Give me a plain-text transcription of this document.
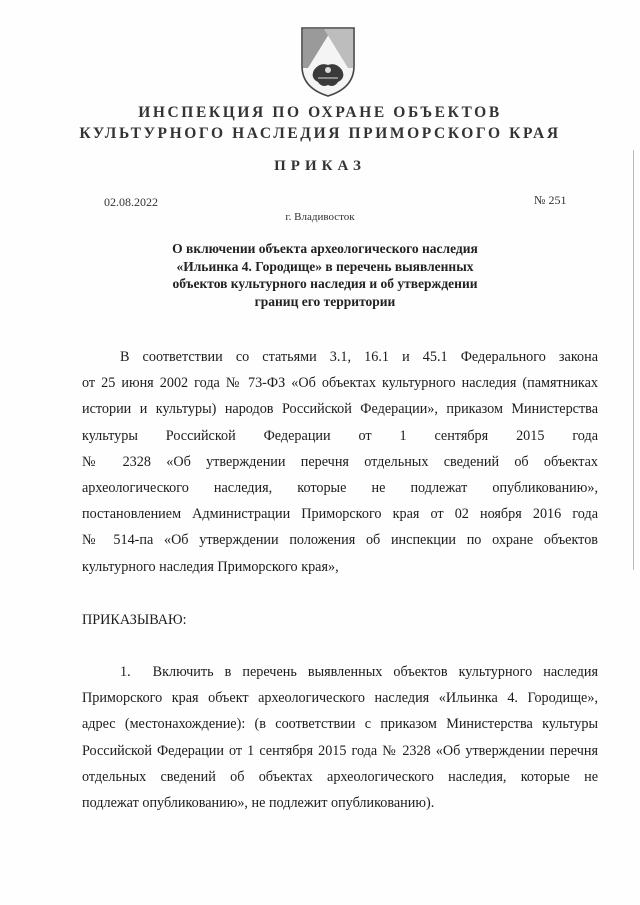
ИНСПЕКЦИЯ ПО ОХРАНЕ ОБЪЕКТОВ
КУЛЬТУРНОГО НАСЛЕДИЯ ПРИМОРСКОГО КРАЯ
ПРИКАЗ
02.08.2022	№ 251
г. Владивосток
О включении объекта археологического наследия
«Ильинка 4. Городище» в перечень выявленных
объектов культурного наследия и об утверждении
границ его территории
В соответствии со статьями 3.1, 16.1 и 45.1 Федерального закона
от 25 июня 2002 года № 73-ФЗ «Об объектах культурного наследия (памятниках
истории и культуры) народов Российской Федерации», приказом Министерства
культуры Российской Федерации от 1 сентября 2015 года
№ 2328 «Об утверждении перечня отдельных сведений об объектах
археологического наследия, которые не подлежат опубликованию»,
постановлением Администрации Приморского края от 02 ноября 2016 года
№ 514-па «Об утверждении положения об инспекции по охране объектов
культурного наследия Приморского края»,
ПРИКАЗЫВАЮ:
1. Включить в перечень выявленных объектов культурного наследия
Приморского края объект археологического наследия «Ильинка 4. Городище»,
адрес (местонахождение): (в соответствии с приказом Министерства культуры
Российской Федерации от 1 сентября 2015 года № 2328 «Об утверждении перечня
отдельных сведений об объектах археологического наследия, которые не
подлежат опубликованию», не подлежит опубликованию).
